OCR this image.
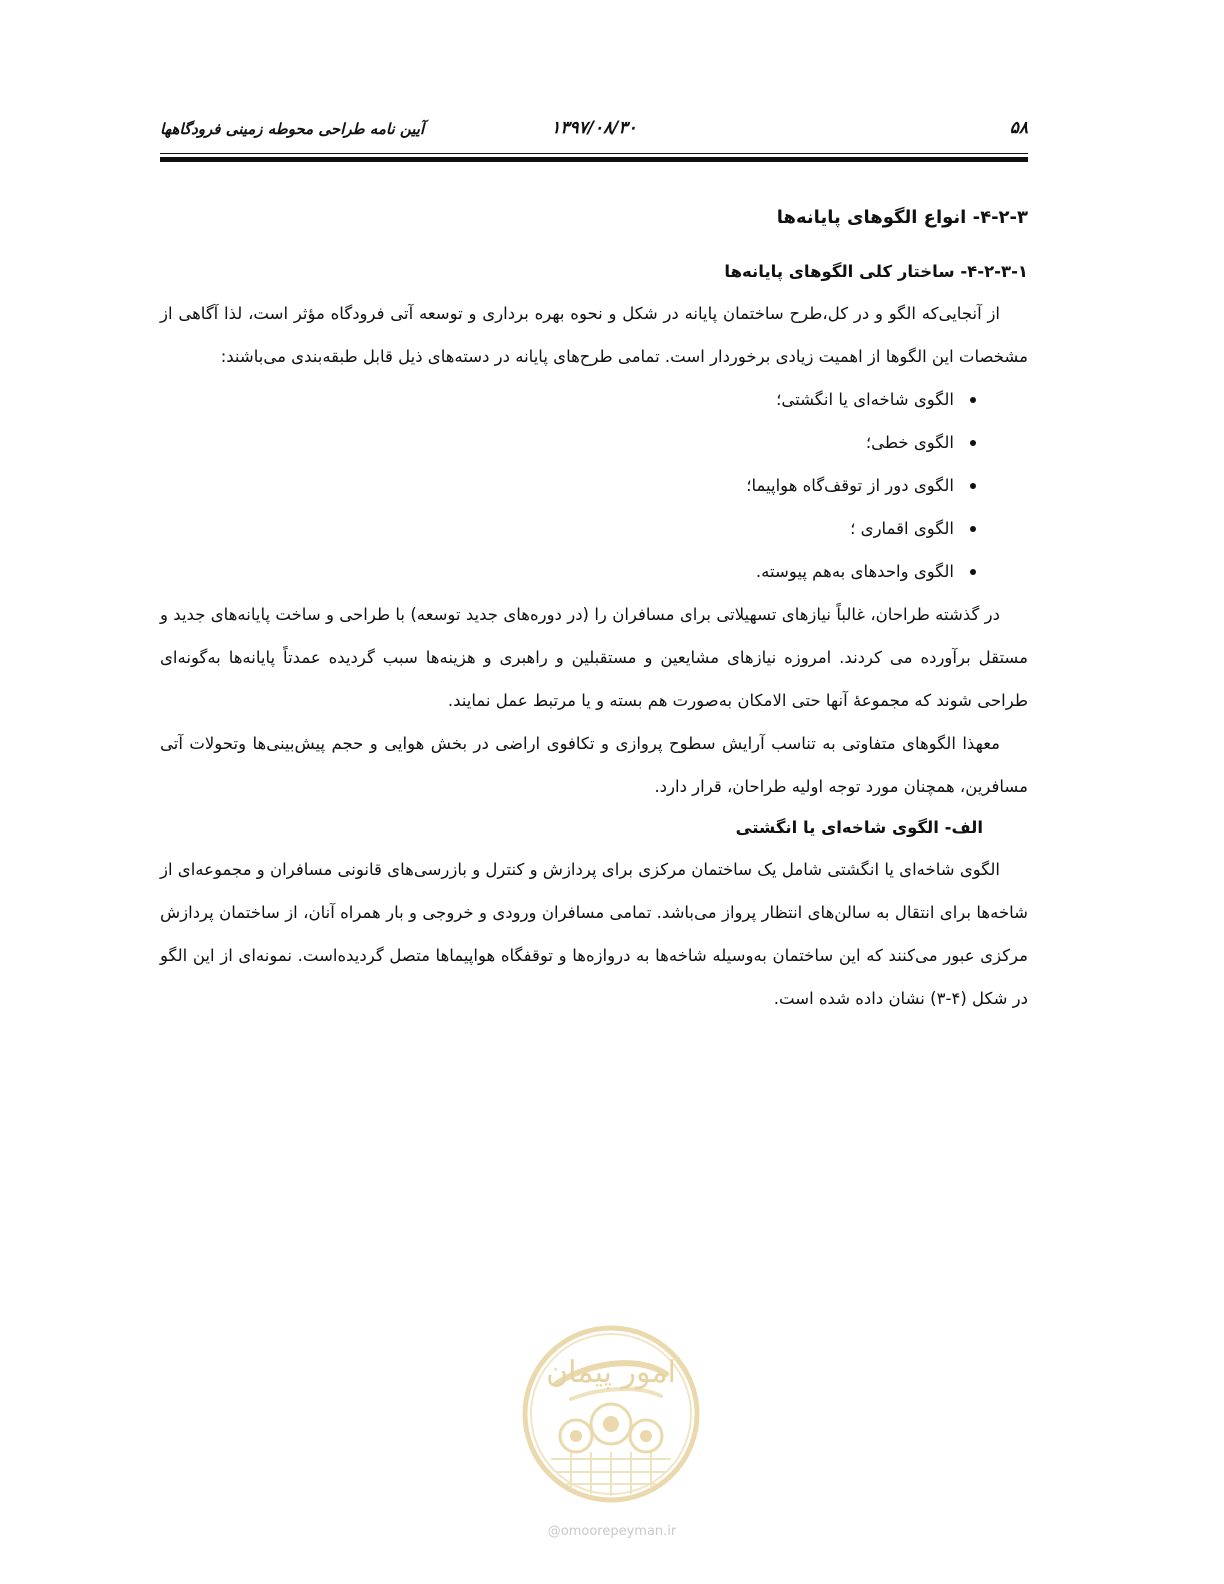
۵۸
۱۳۹۷/۰۸/۳۰
آیین نامه طراحی محوطه زمینی فرودگاهها
۴-۲-۳- انواع الگوهای پایانه‌ها
۴-۲-۳-۱- ساختار کلی الگوهای پایانه‌ها

از آنجایی‌که الگو و در کل،طرح ساختمان پایانه در شکل و نحوه بهره برداری و توسعه آتی فرودگاه مؤثر است، لذا آگاهی از مشخصات این الگوها از اهمیت زیادی برخوردار است. تمامی طرح‌های پایانه در دسته‌های ذیل قابل طبقه‌بندی می‌باشند:

الگوی شاخه‌ای یا انگشتی؛
الگوی خطی؛
الگوی دور از توقف‌گاه هواپیما؛
الگوی اقماری ؛
الگوی واحدهای به‌هم پیوسته.

در گذشته طراحان، غالباً نیازهای تسهیلاتی برای مسافران را (در دوره‌های جدید توسعه) با طراحی و ساخت پایانه‌های جدید و مستقل برآورده می کردند. امروزه نیازهای مشایعین و مستقبلین و راهبری و هزینه‌ها سبب گردیده عمدتاً پایانه‌ها به‌گونه‌ای طراحی شوند که مجموعهٔ آنها حتی الامکان به‌صورت هم بسته و یا مرتبط عمل نمایند.

معهذا الگوهای متفاوتی به تناسب آرایش سطوح پروازی و تکافوی اراضی در بخش هوایی و حجم پیش‌بینی‌ها وتحولات آتی مسافرین، همچنان مورد توجه اولیه طراحان، قرار دارد.

الف- الگوی شاخه‌ای یا انگشتی

الگوی شاخه‌ای یا انگشتی شامل یک ساختمان مرکزی برای پردازش و کنترل و بازرسی‌های قانونی مسافران و مجموعه‌ای از شاخه‌ها برای انتقال به سالن‌های انتظار پرواز می‌باشد. تمامی مسافران ورودی و خروجی و بار همراه آنان، از ساختمان پردازش مرکزی عبور می‌کنند که این ساختمان به‌وسیله شاخه‌ها به دروازه‌ها و توقفگاه هواپیماها متصل گردیده‌است. نمونه‌ای از این الگو در شکل (۴-۳) نشان داده شده است.

امور پیمان
@omoorepeyman.ir
